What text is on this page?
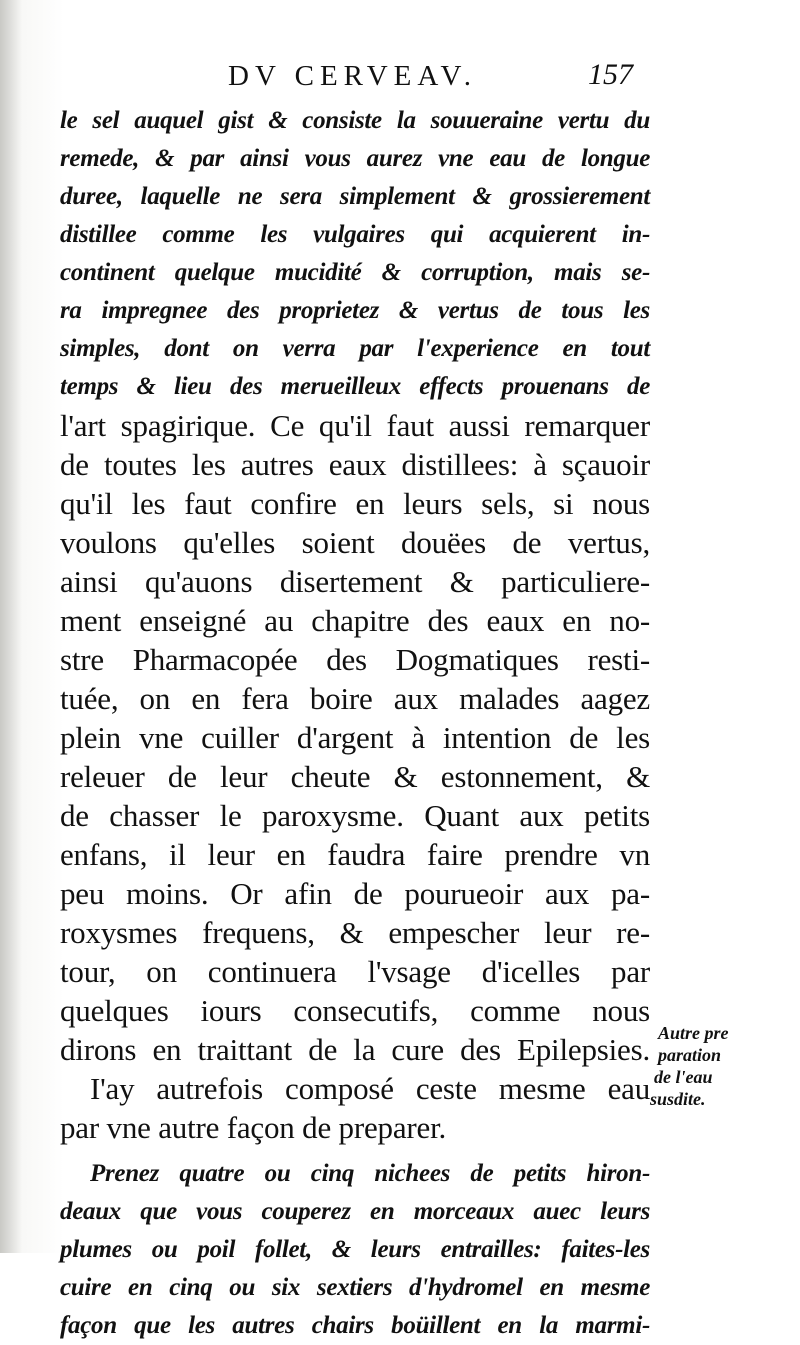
DV CERVEAV.	157
le sel auquel gist & consiste la souueraine vertu du
remede, & par ainsi vous aurez vne eau de longue
duree, laquelle ne sera simplement & grossierement
distillee comme les vulgaires qui acquierent in-
continent quelque mucidité & corruption, mais se-
ra impregnee des proprietez & vertus de tous les
simples, dont on verra par l'experience en tout
temps & lieu des merueilleux effects prouenans de
l'art spagirique. Ce qu'il faut aussi remarquer
de toutes les autres eaux distillees: à sçauoir
qu'il les faut confire en leurs sels, si nous
voulons qu'elles soient douëes de vertus,
ainsi qu'auons disertement & particuliere-
ment enseigné au chapitre des eaux en no-
stre Pharmacopée des Dogmatiques resti-
tuée, on en fera boire aux malades aagez
plein vne cuiller d'argent à intention de les
releuer de leur cheute & estonnement, &
de chasser le paroxysme. Quant aux petits
enfans, il leur en faudra faire prendre vn
peu moins. Or afin de pourueoir aux pa-
roxysmes frequens, & empescher leur re-
tour, on continuera l'vsage d'icelles par
quelques iours consecutifs, comme nous
dirons en traittant de la cure des Epilepsies.
I'ay autrefois composé ceste mesme eau
par vne autre façon de preparer.
Prenez quatre ou cinq nichees de petits hiron-
deaux que vous couperez en morceaux auec leurs
plumes ou poil follet, & leurs entrailles: faites-les
cuire en cinq ou six sextiers d'hydromel en mesme
façon que les autres chairs boüillent en la marmi-
Autre pre
paration
de l'eau
susdite.
